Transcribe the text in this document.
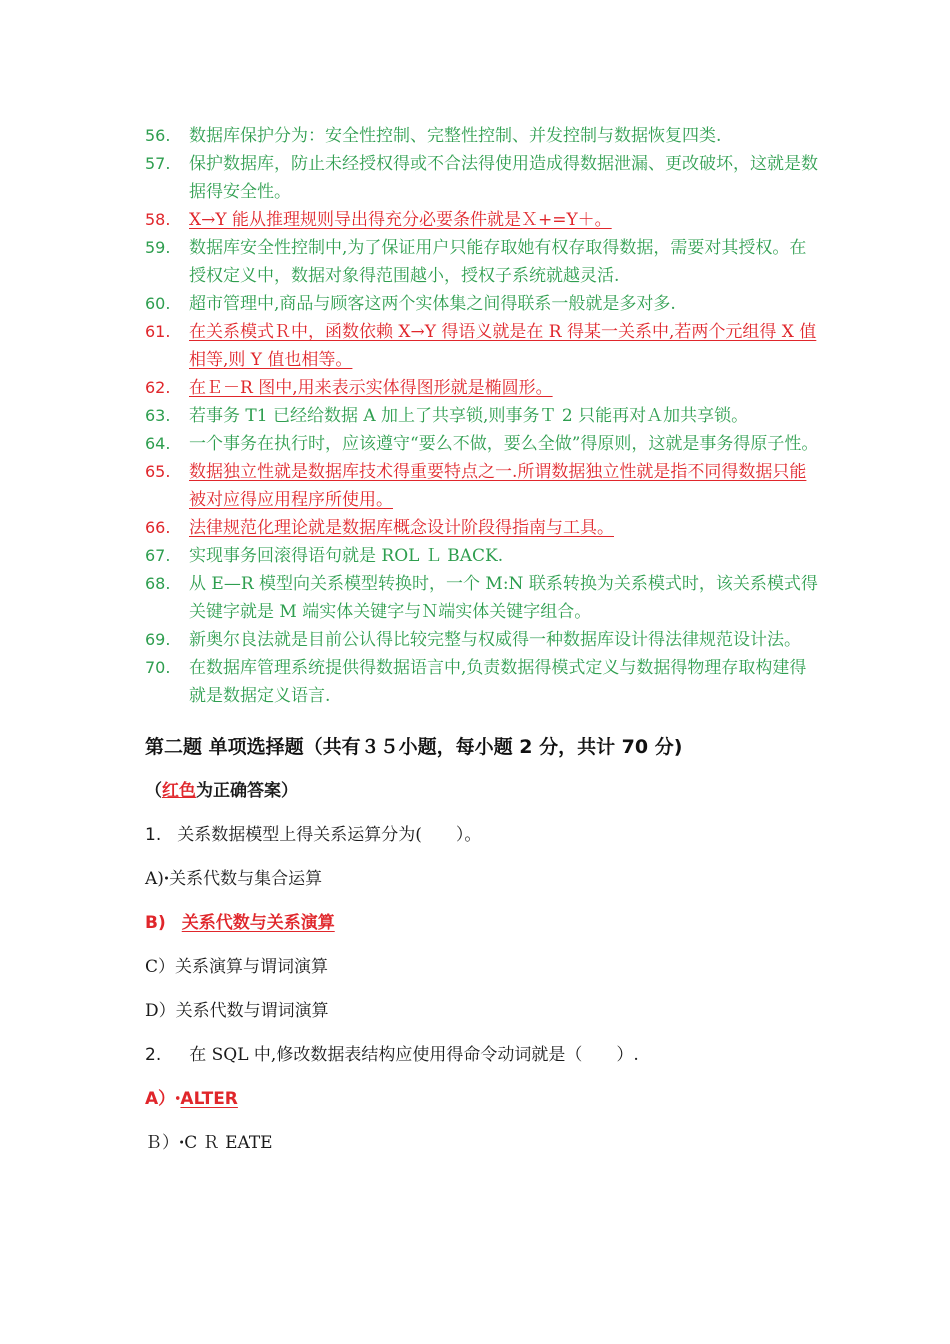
56.	数据库保护分为：安全性控制、完整性控制、并发控制与数据恢复四类.
57.	保护数据库，防止未经授权得或不合法得使用造成得数据泄漏、更改破坏，这就是数据得安全性。
58.	X→Y 能从推理规则导出得充分必要条件就是Ｘ+=Y＋。
59.	数据库安全性控制中,为了保证用户只能存取她有权存取得数据，需要对其授权。在授权定义中，数据对象得范围越小，授权子系统就越灵活.
60.	超市管理中,商品与顾客这两个实体集之间得联系一般就是多对多.
61.	在关系模式Ｒ中，函数依赖 X→Y 得语义就是在 R 得某一关系中,若两个元组得 X 值相等,则 Y 值也相等。
62.	在Ｅ－R 图中,用来表示实体得图形就是椭圆形。
63.	若事务 T1 已经给数据 A 加上了共享锁,则事务Ｔ 2 只能再对Ａ加共享锁。
64.	一个事务在执行时，应该遵守“要么不做，要么全做”得原则，这就是事务得原子性。
65.	数据独立性就是数据库技术得重要特点之一.所谓数据独立性就是指不同得数据只能被对应得应用程序所使用。
66.	法律规范化理论就是数据库概念设计阶段得指南与工具。
67.	实现事务回滚得语句就是 ROL Ｌ BACK.
68.	从 E—R 模型向关系模型转换时，一个 M:N 联系转换为关系模式时，该关系模式得关键字就是 M 端实体关键字与Ｎ端实体关键字组合。
69.	新奥尔良法就是目前公认得比较完整与权威得一种数据库设计得法律规范设计法。
70.	在数据库管理系统提供得数据语言中,负责数据得模式定义与数据得物理存取构建得就是数据定义语言.
第二题 单项选择题（共有３５小题，每小题 2 分，共计 70 分)
（红色为正确答案）
1. 关系数据模型上得关系运算分为(　　）。
A)ꞏ关系代数与集合运算
B) 关系代数与关系演算
C）关系演算与谓词演算
D）关系代数与谓词演算
2. 在 SQL 中,修改数据表结构应使用得命令动词就是（　　）.
A）ꞏALTER
Ｂ）ꞏC Ｒ EATE
